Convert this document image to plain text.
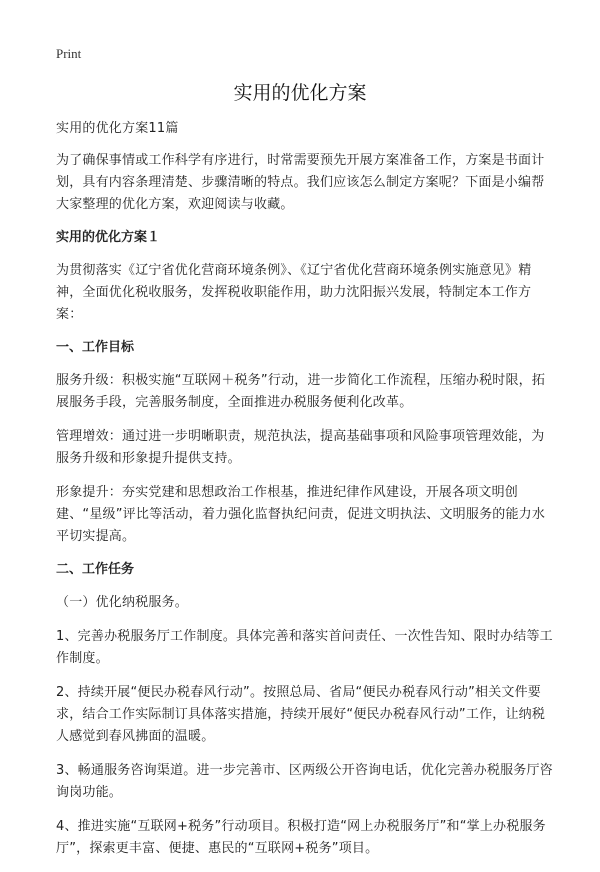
Print
实用的优化方案

实用的优化方案11篇

为了确保事情或工作科学有序进行，时常需要预先开展方案准备工作，方案是书面计划，具有内容条理清楚、步骤清晰的特点。我们应该怎么制定方案呢？下面是小编帮大家整理的优化方案，欢迎阅读与收藏。

实用的优化方案１

为贯彻落实《辽宁省优化营商环境条例》、《辽宁省优化营商环境条例实施意见》精神，全面优化税收服务，发挥税收职能作用，助力沈阳振兴发展，特制定本工作方案：

一、工作目标

服务升级：积极实施“互联网＋税务”行动，进一步简化工作流程，压缩办税时限，拓展服务手段，完善服务制度，全面推进办税服务便利化改革。

管理增效：通过进一步明晰职责，规范执法，提高基础事项和风险事项管理效能，为服务升级和形象提升提供支持。

形象提升：夯实党建和思想政治工作根基，推进纪律作风建设，开展各项文明创建、“星级”评比等活动，着力强化监督执纪问责，促进文明执法、文明服务的能力水平切实提高。

二、工作任务

（一）优化纳税服务。

1、完善办税服务厅工作制度。具体完善和落实首问责任、一次性告知、限时办结等工作制度。

2、持续开展“便民办税春风行动”。按照总局、省局“便民办税春风行动”相关文件要求，结合工作实际制订具体落实措施，持续开展好“便民办税春风行动”工作，让纳税人感觉到春风拂面的温暖。

3、畅通服务咨询渠道。进一步完善市、区两级公开咨询电话，优化完善办税服务厅咨询岗功能。

4、推进实施“互联网+税务”行动项目。积极打造“网上办税服务厅”和“掌上办税服务厅”，探索更丰富、便捷、惠民的“互联网+税务”项目。
